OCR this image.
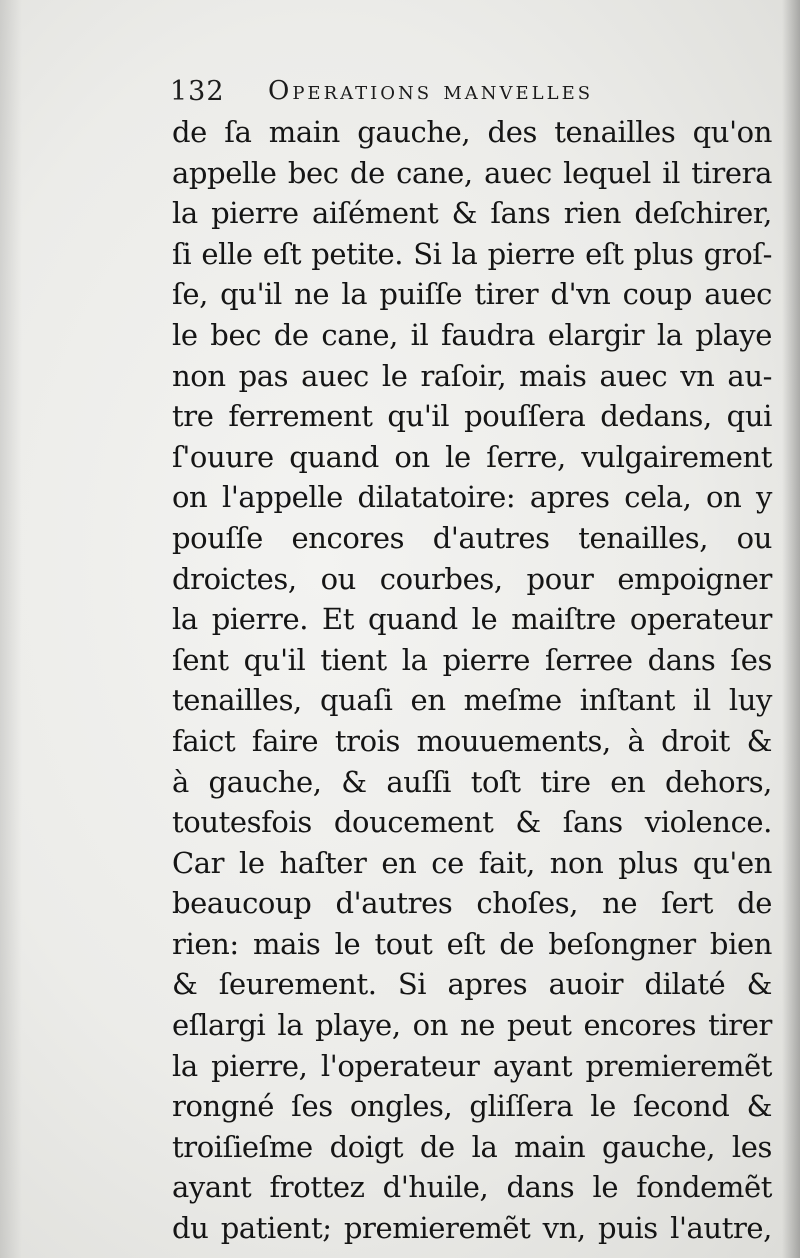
132 Operations manvelles
de ſa main gauche, des tenailles qu'on
appelle bec de cane, auec lequel il tirera
la pierre aiſément & ſans rien deſchirer,
ſi elle eſt petite. Si la pierre eſt plus groſ-
ſe, qu'il ne la puiſſe tirer d'vn coup auec
le bec de cane, il faudra elargir la playe
non pas auec le raſoir, mais auec vn au-
tre ferrement qu'il pouſſera dedans, qui
ſ'ouure quand on le ſerre, vulgairement
on l'appelle dilatatoire: apres cela, on y
pouſſe encores d'autres tenailles, ou
droictes, ou courbes, pour empoigner
la pierre. Et quand le maiſtre operateur
ſent qu'il tient la pierre ſerree dans ſes
tenailles, quaſi en meſme inſtant il luy
faict faire trois mouuements, à droit &
à gauche, & auſſi toſt tire en dehors,
toutesfois doucement & ſans violence.
Car le haſter en ce fait, non plus qu'en
beaucoup d'autres choſes, ne ſert de
rien: mais le tout eſt de beſongner bien
& ſeurement. Si apres auoir dilaté &
eſlargi la playe, on ne peut encores tirer
la pierre, l'operateur ayant premieremẽt
rongné ſes ongles, gliſſera le ſecond &
troiſieſme doigt de la main gauche, les
ayant frottez d'huile, dans le fondemẽt
du patient; premieremẽt vn, puis l'autre,
